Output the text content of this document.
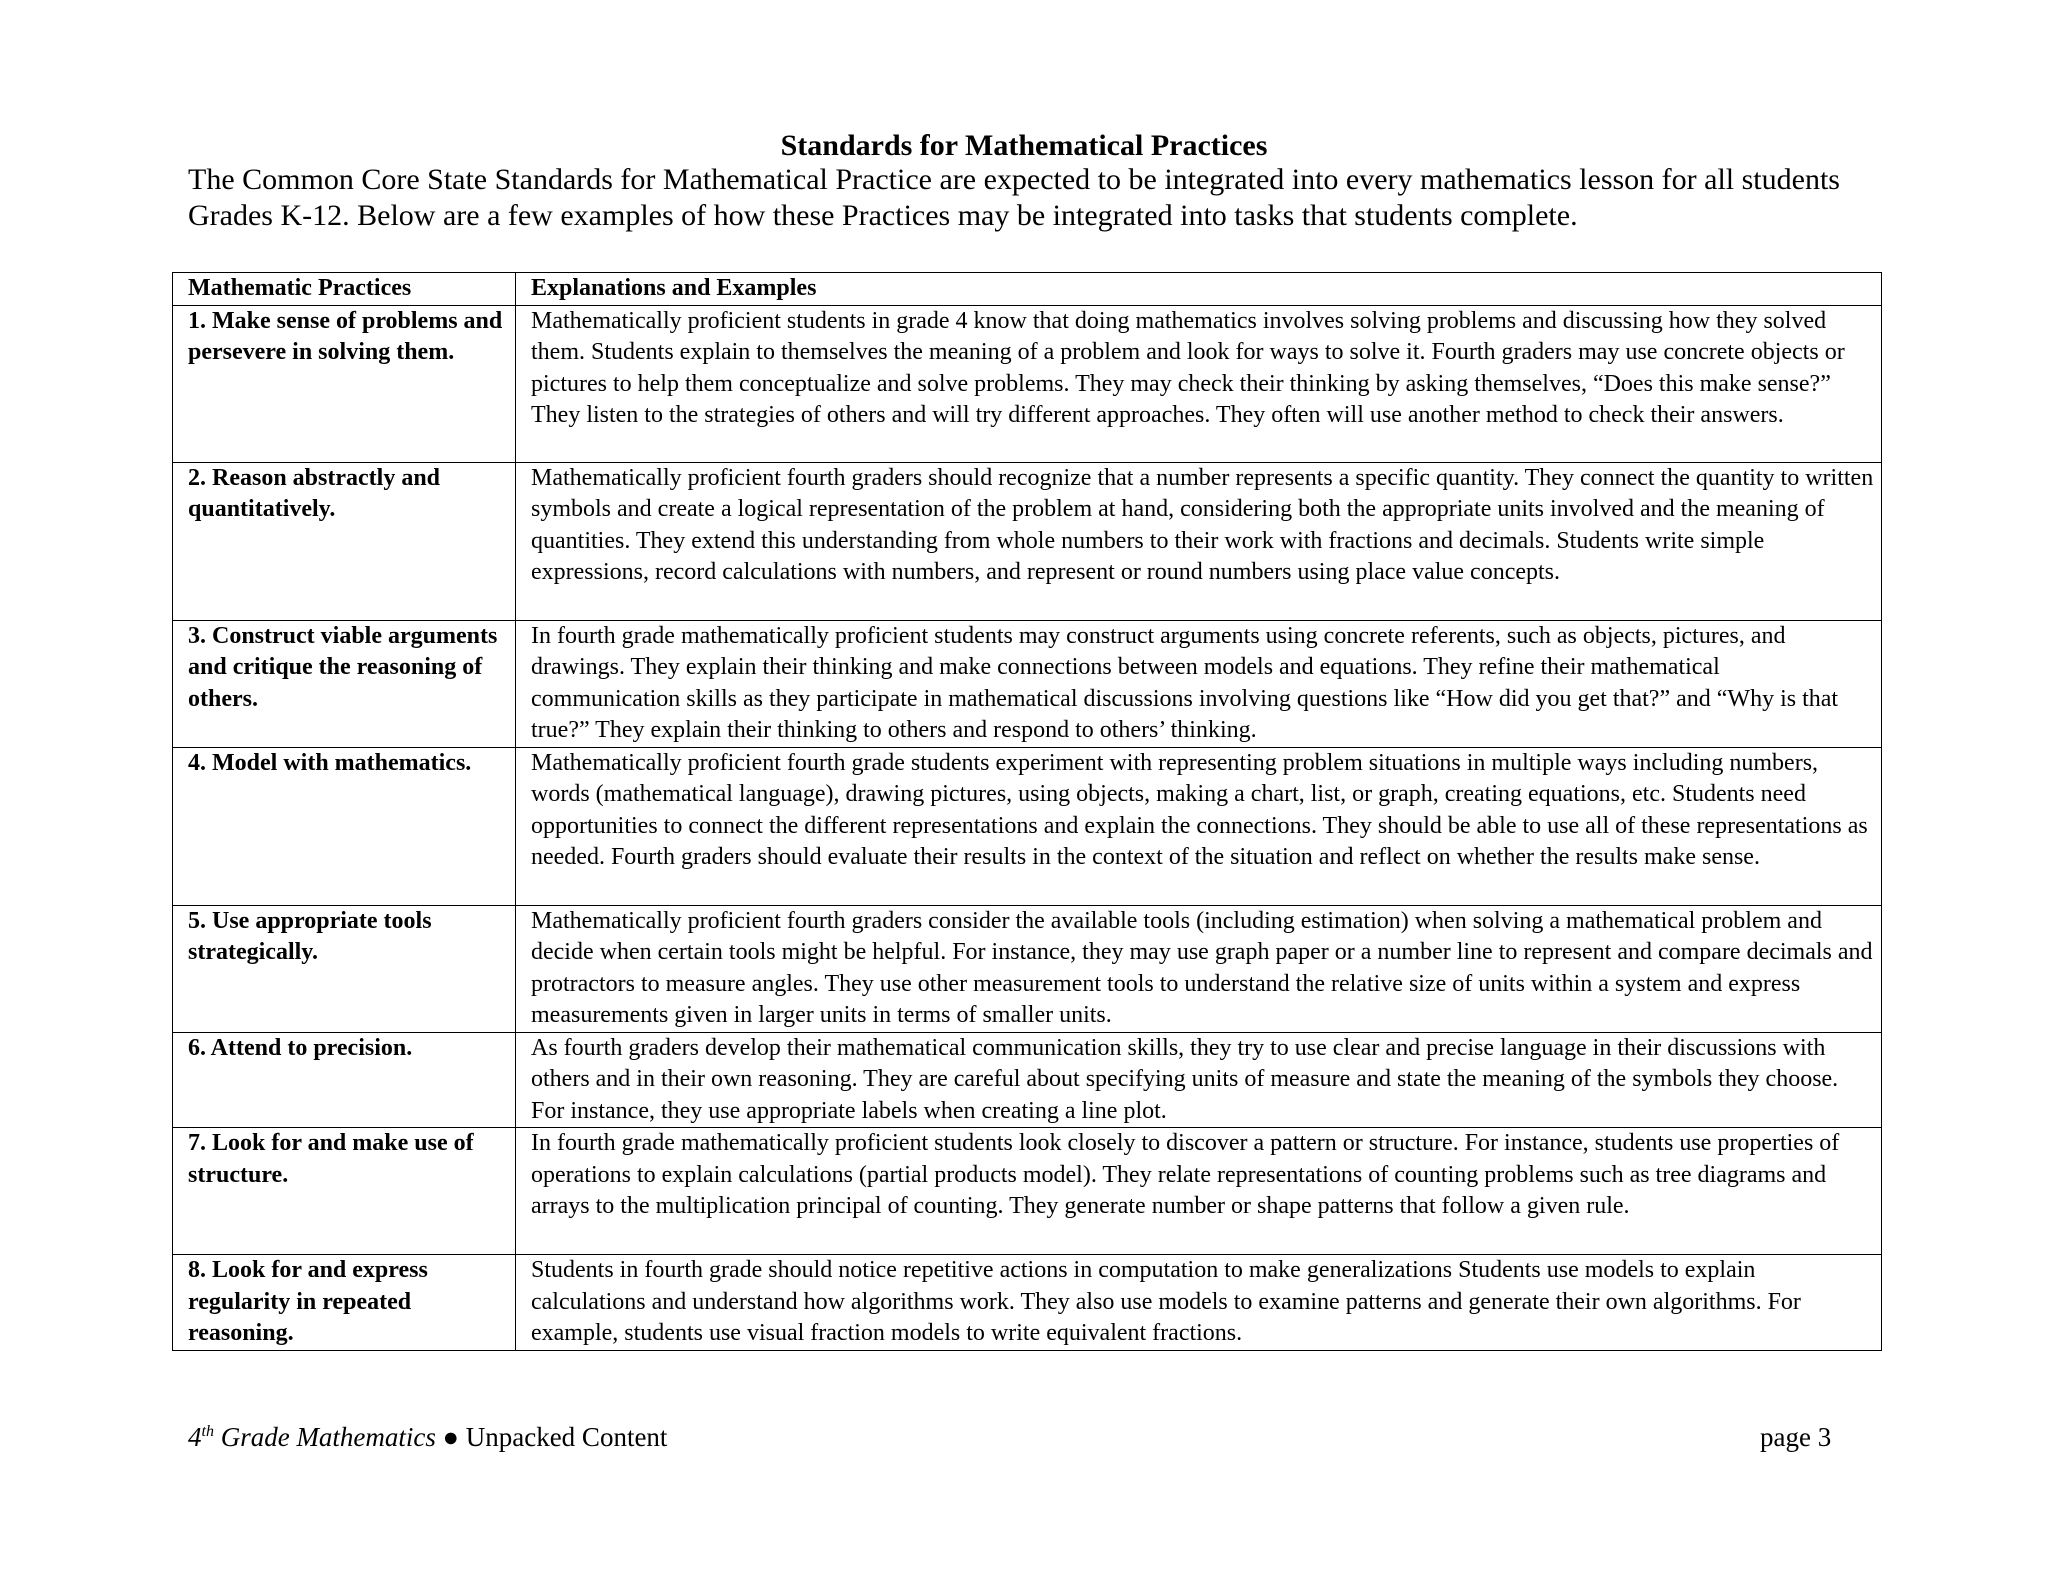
Standards for Mathematical Practices
The Common Core State Standards for Mathematical Practice are expected to be integrated into every mathematics lesson for all students Grades K-12. Below are a few examples of how these Practices may be integrated into tasks that students complete.
Mathematic Practices	Explanations and Examples
1. Make sense of problems and persevere in solving them.	Mathematically proficient students in grade 4 know that doing mathematics involves solving problems and discussing how they solved them. Students explain to themselves the meaning of a problem and look for ways to solve it. Fourth graders may use concrete objects or pictures to help them conceptualize and solve problems. They may check their thinking by asking themselves, “Does this make sense?” They listen to the strategies of others and will try different approaches. They often will use another method to check their answers.
2. Reason abstractly and quantitatively.	Mathematically proficient fourth graders should recognize that a number represents a specific quantity. They connect the quantity to written symbols and create a logical representation of the problem at hand, considering both the appropriate units involved and the meaning of quantities. They extend this understanding from whole numbers to their work with fractions and decimals. Students write simple expressions, record calculations with numbers, and represent or round numbers using place value concepts.
3. Construct viable arguments and critique the reasoning of others.	In fourth grade mathematically proficient students may construct arguments using concrete referents, such as objects, pictures, and drawings. They explain their thinking and make connections between models and equations. They refine their mathematical communication skills as they participate in mathematical discussions involving questions like “How did you get that?” and “Why is that true?” They explain their thinking to others and respond to others’ thinking.
4. Model with mathematics.	Mathematically proficient fourth grade students experiment with representing problem situations in multiple ways including numbers, words (mathematical language), drawing pictures, using objects, making a chart, list, or graph, creating equations, etc. Students need opportunities to connect the different representations and explain the connections. They should be able to use all of these representations as needed. Fourth graders should evaluate their results in the context of the situation and reflect on whether the results make sense.
5. Use appropriate tools strategically.	Mathematically proficient fourth graders consider the available tools (including estimation) when solving a mathematical problem and decide when certain tools might be helpful. For instance, they may use graph paper or a number line to represent and compare decimals and protractors to measure angles. They use other measurement tools to understand the relative size of units within a system and express measurements given in larger units in terms of smaller units.
6. Attend to precision.	As fourth graders develop their mathematical communication skills, they try to use clear and precise language in their discussions with others and in their own reasoning. They are careful about specifying units of measure and state the meaning of the symbols they choose. For instance, they use appropriate labels when creating a line plot.
7. Look for and make use of structure.	In fourth grade mathematically proficient students look closely to discover a pattern or structure. For instance, students use properties of operations to explain calculations (partial products model). They relate representations of counting problems such as tree diagrams and arrays to the multiplication principal of counting. They generate number or shape patterns that follow a given rule.
8. Look for and express regularity in repeated reasoning.	Students in fourth grade should notice repetitive actions in computation to make generalizations Students use models to explain calculations and understand how algorithms work. They also use models to examine patterns and generate their own algorithms. For example, students use visual fraction models to write equivalent fractions.
4th Grade Mathematics ● Unpacked Content	page 3
